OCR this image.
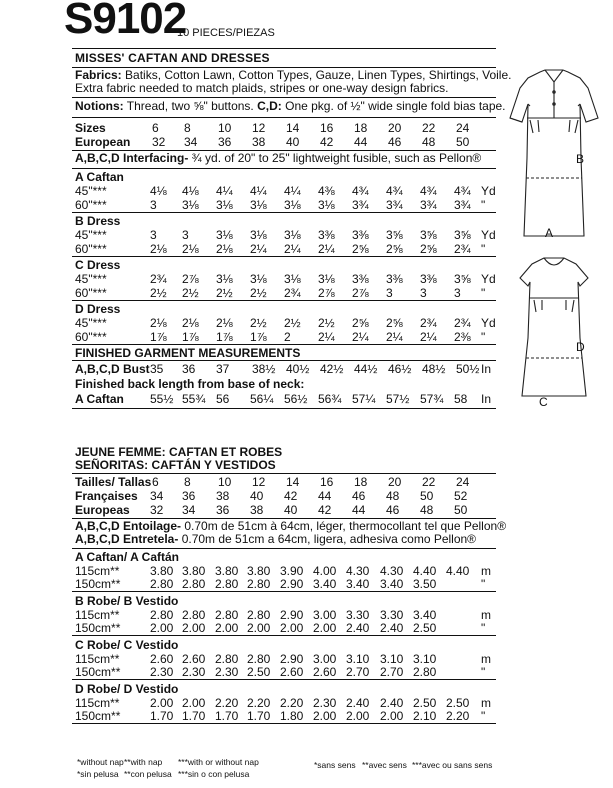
S9102
10 PIECES/PIEZAS
MISSES' CAFTAN AND DRESSES
Fabrics: Batiks, Cotton Lawn, Cotton Types, Gauze, Linen Types, Shirtings, Voile. Extra fabric needed to match plaids, stripes or one-way design fabrics.
Notions: Thread, two ⅝" buttons. C,D: One pkg. of ½" wide single fold bias tape.
Sizes	6 8 10 12 14 16 18 20 22 24
European 32 34 36 38 40 42 44 46 48 50
A,B,C,D Interfacing- ¾ yd. of 20" to 25" lightweight fusible, such as Pellon®
A Caftan
45"***	4⅛ 4⅛ 4¼ 4¼ 4¼ 4⅜ 4¾ 4¾ 4¾ 4¾ Yd
60"***	3 3⅛ 3⅛ 3⅛ 3⅛ 3⅛ 3¾ 3¾ 3¾ 3¾ "
B Dress
45"***	3 3 3⅛ 3⅛ 3⅛ 3⅜ 3⅜ 3⅝ 3⅝ 3⅝ Yd
60"***	2⅛ 2⅛ 2⅛ 2¼ 2¼ 2¼ 2⅝ 2⅝ 2⅝ 2¾ "
C Dress
45"***	2¾ 2⅞ 3⅛ 3⅛ 3⅛ 3⅛ 3⅜ 3⅜ 3⅜ 3⅝ Yd
60"***	2½ 2½ 2½ 2½ 2¾ 2⅞ 2⅞ 3 3 3 "
D Dress
45"***	2⅛ 2⅛ 2⅛ 2½ 2½ 2½ 2⅝ 2⅝ 2¾ 2¾ Yd
60"***	1⅞ 1⅞ 1⅞ 1⅞ 2 2¼ 2¼ 2¼ 2¼ 2⅜ "
FINISHED GARMENT MEASUREMENTS
A,B,C,D Bust 35 36 37 38½ 40½ 42½ 44½ 46½ 48½ 50½ In
Finished back length from base of neck:
A Caftan 55½ 55¾ 56 56¼ 56½ 56¾ 57¼ 57½ 57¾ 58 In
JEUNE FEMME: CAFTAN ET ROBES
SEÑORITAS: CAFTÁN Y VESTIDOS
Tailles/ Tallas 6 8 10 12 14 16 18 20 22 24
Françaises 34 36 38 40 42 44 46 48 50 52
Europeas 32 34 36 38 40 42 44 46 48 50
A,B,C,D Entoilage- 0.70m de 51cm à 64cm, léger, thermocollant tel que Pellon®
A,B,C,D Entretela- 0.70m de 51cm a 64cm, ligera, adhesiva como Pellon®
A Caftan/ A Caftán
115cm**	3.80 3.80 3.80 3.80 3.90 4.00 4.30 4.30 4.40 4.40 m
150cm** 2.80 2.80 2.80 2.80 2.90 3.40 3.40 3.40 3.50	"
B Robe/ B Vestido
115cm**	2.80 2.80 2.80 2.80 2.90 3.00 3.30 3.30 3.40	m
150cm** 2.00 2.00 2.00 2.00 2.00 2.00 2.40 2.40 2.50	"
C Robe/ C Vestido
115cm**	2.60 2.60 2.80 2.80 2.90 3.00 3.10 3.10 3.10	m
150cm** 2.30 2.30 2.30 2.50 2.60 2.60 2.70 2.70 2.80	"
D Robe/ D Vestido
115cm**	2.00 2.00 2.20 2.20 2.20 2.30 2.40 2.40 2.50 2.50 m
150cm** 1.70 1.70 1.70 1.70 1.80 2.00 2.00 2.00 2.10 2.20 "
*without nap **with nap ***with or without nap
*sin pelusa **con pelusa ***sin o con pelusa
*sans sens **avec sens ***avec ou sans sens
B
A
D
C
